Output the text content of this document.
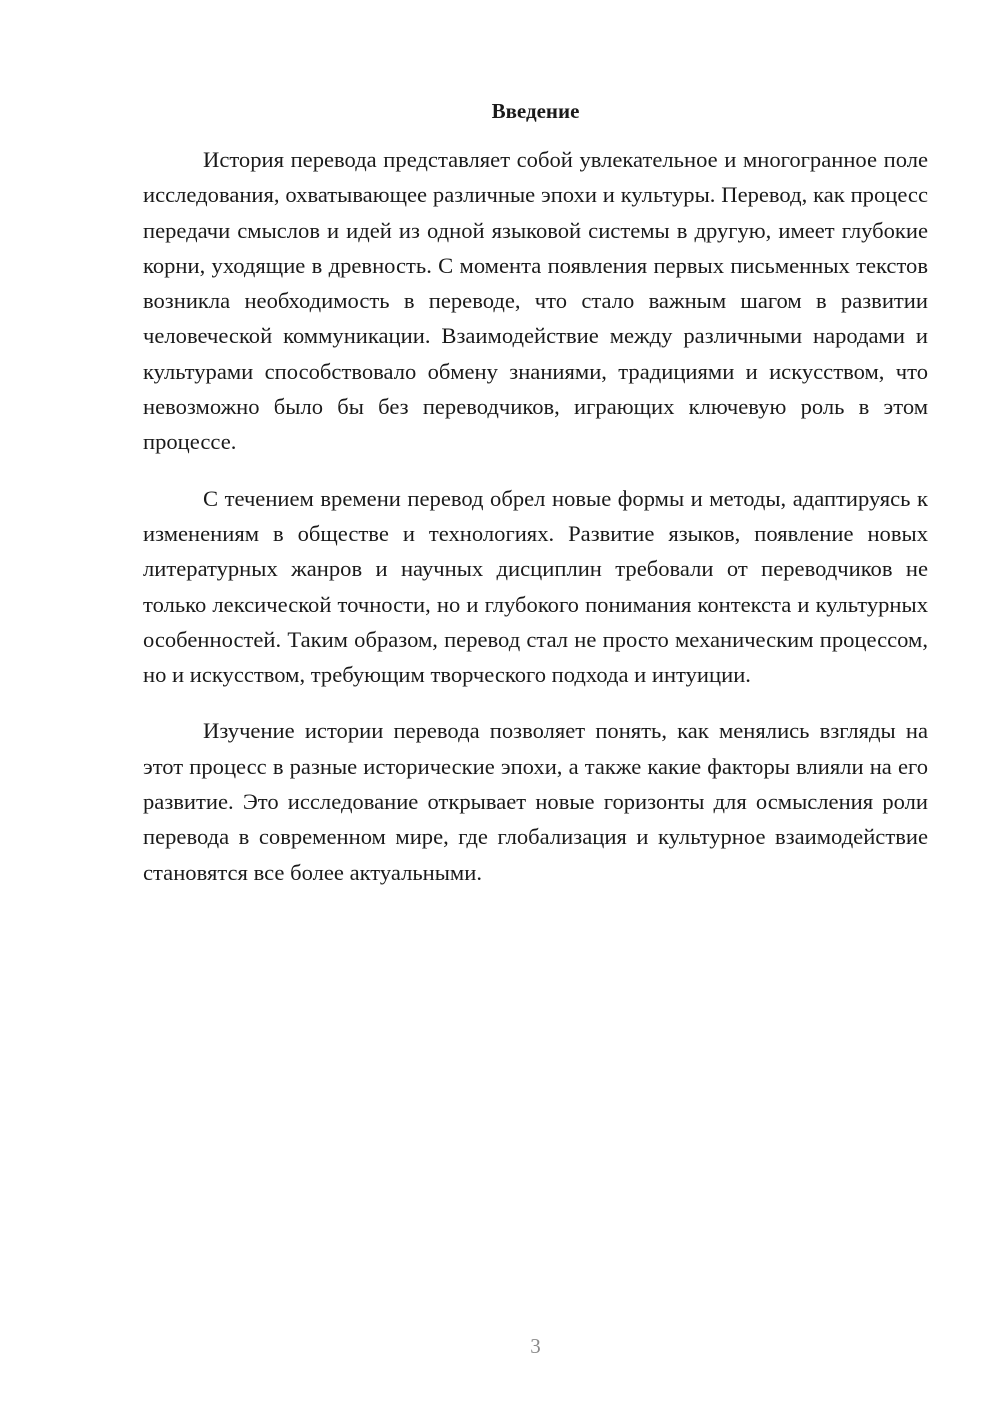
Введение

История перевода представляет собой увлекательное и многогранное поле исследования, охватывающее различные эпохи и культуры. Перевод, как процесс передачи смыслов и идей из одной языковой системы в другую, имеет глубокие корни, уходящие в древность. С момента появления первых письменных текстов возникла необходимость в переводе, что стало важным шагом в развитии человеческой коммуникации. Взаимодействие между различными народами и культурами способствовало обмену знаниями, традициями и искусством, что невозможно было бы без переводчиков, играющих ключевую роль в этом процессе.

С течением времени перевод обрел новые формы и методы, адаптируясь к изменениям в обществе и технологиях. Развитие языков, появление новых литературных жанров и научных дисциплин требовали от переводчиков не только лексической точности, но и глубокого понимания контекста и культурных особенностей. Таким образом, перевод стал не просто механическим процессом, но и искусством, требующим творческого подхода и интуиции.

Изучение истории перевода позволяет понять, как менялись взгляды на этот процесс в разные исторические эпохи, а также какие факторы влияли на его развитие. Это исследование открывает новые горизонты для осмысления роли перевода в современном мире, где глобализация и культурное взаимодействие становятся все более актуальными.

3
